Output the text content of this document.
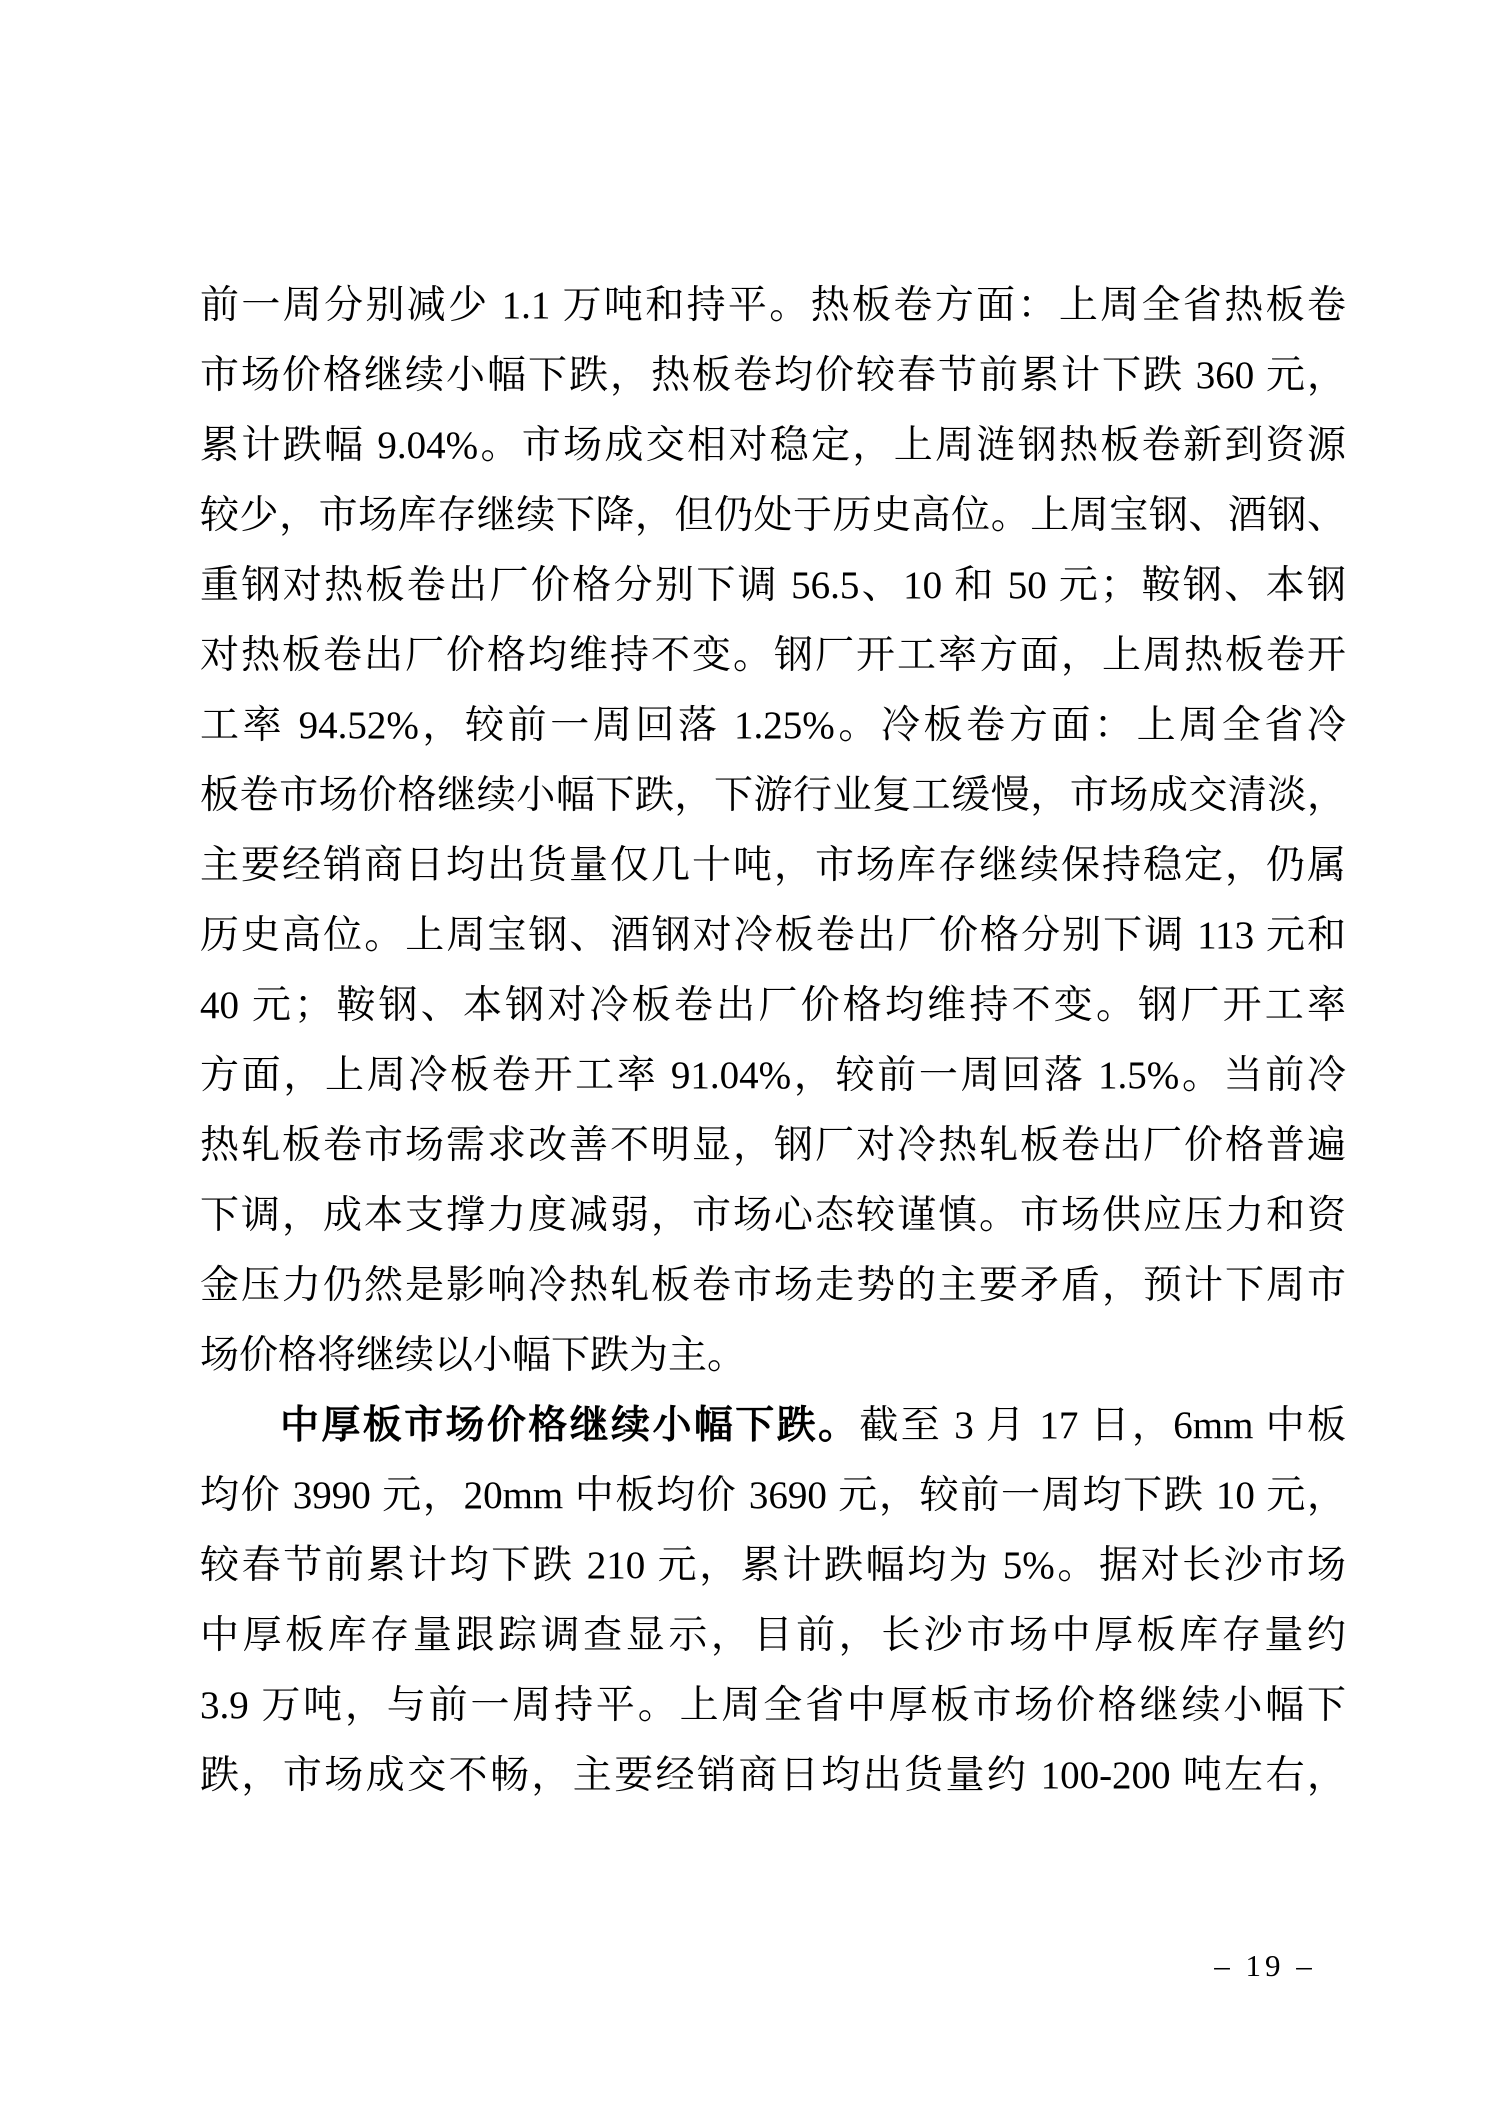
前一周分别减少 1.1 万吨和持平。热板卷方面：上周全省热板卷
市场价格继续小幅下跌，热板卷均价较春节前累计下跌 360 元，
累计跌幅 9.04%。市场成交相对稳定，上周涟钢热板卷新到资源
较少，市场库存继续下降，但仍处于历史高位。上周宝钢、酒钢、
重钢对热板卷出厂价格分别下调 56.5、10 和 50 元；鞍钢、本钢
对热板卷出厂价格均维持不变。钢厂开工率方面，上周热板卷开
工率 94.52%，较前一周回落 1.25%。冷板卷方面：上周全省冷
板卷市场价格继续小幅下跌，下游行业复工缓慢，市场成交清淡，
主要经销商日均出货量仅几十吨，市场库存继续保持稳定，仍属
历史高位。上周宝钢、酒钢对冷板卷出厂价格分别下调 113 元和
40 元；鞍钢、本钢对冷板卷出厂价格均维持不变。钢厂开工率
方面，上周冷板卷开工率 91.04%，较前一周回落 1.5%。当前冷
热轧板卷市场需求改善不明显，钢厂对冷热轧板卷出厂价格普遍
下调，成本支撑力度减弱，市场心态较谨慎。市场供应压力和资
金压力仍然是影响冷热轧板卷市场走势的主要矛盾，预计下周市
场价格将继续以小幅下跌为主。
中厚板市场价格继续小幅下跌。截至 3 月 17 日，6mm 中板
均价 3990 元，20mm 中板均价 3690 元，较前一周均下跌 10 元，
较春节前累计均下跌 210 元，累计跌幅均为 5%。据对长沙市场
中厚板库存量跟踪调查显示，目前，长沙市场中厚板库存量约
3.9 万吨，与前一周持平。上周全省中厚板市场价格继续小幅下
跌，市场成交不畅，主要经销商日均出货量约 100-200 吨左右，
– 19 –
